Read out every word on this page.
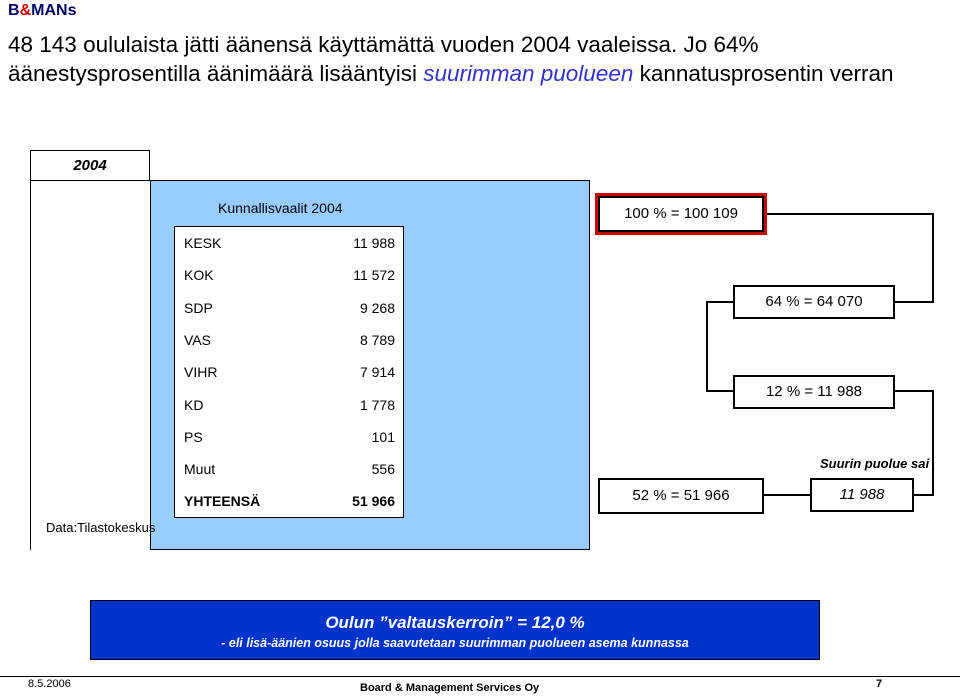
B&MANs
48 143 oululaista jätti äänensä käyttämättä vuoden 2004 vaaleissa. Jo 64% äänestysprosentilla äänimäärä lisääntyisi suurimman puolueen kannatusprosentin verran
2004
Kunnallisvaalit 2004
KESK	11 988
KOK	11 572
SDP	9 268
VAS	8 789
VIHR	7 914
KD	1 778
PS	101
Muut	556
YHTEENSÄ	51 966
Data:Tilastokeskus
100 % = 100 109
64 % = 64 070
12 % = 11 988
52 % = 51 966
Suurin puolue sai
11 988
Oulun ”valtauskerroin” = 12,0 %
- eli lisä-äänien osuus jolla saavutetaan suurimman puolueen asema kunnassa
8.5.2006	Board & Management Services Oy	7
